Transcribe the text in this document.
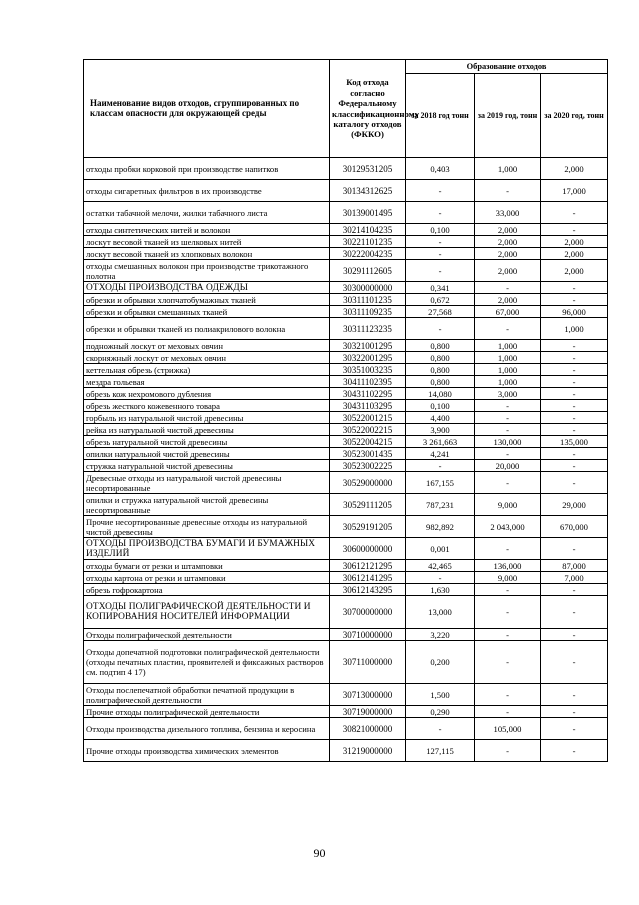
Наименование видов отходов, сгруппированных по классам опасности для окружающей среды	Код отхода согласно Федеральному классификационному каталогу отходов (ФККО)	Образование отходов		
		за 2018 год тонн	за 2019 год, тонн	за 2020 год, тонн
отходы пробки корковой при производстве напитков	30129531205	0,403	1,000	2,000
отходы сигаретных фильтров в их производстве	30134312625	-	-	17,000
остатки табачной мелочи, жилки табачного листа	30139001495	-	33,000	-
отходы синтетических нитей и волокон	30214104235	0,100	2,000	-
лоскут весовой тканей из шелковых нитей	30221101235	-	2,000	2,000
лоскут весовой тканей из хлопковых волокон	30222004235	-	2,000	2,000
отходы смешанных волокон при производстве трикотажного полотна	30291112605	-	2,000	2,000
ОТХОДЫ ПРОИЗВОДСТВА ОДЕЖДЫ	30300000000	0,341	-	-
обрезки и обрывки хлопчатобумажных тканей	30311101235	0,672	2,000	-
обрезки и обрывки смешанных тканей	30311109235	27,568	67,000	96,000
обрезки и обрывки тканей из полиакрилового волокна	30311123235	-	-	1,000
подножный лоскут от меховых овчин	30321001295	0,800	1,000	-
скорняжный лоскут от меховых овчин	30322001295	0,800	1,000	-
кеттельная обрезь (стрижка)	30351003235	0,800	1,000	-
мездра гольевая	30411102395	0,800	1,000	-
обрезь кож нехромового дубления	30431102295	14,080	3,000	-
обрезь жесткого кожевенного товара	30431103295	0,100	-	-
горбыль из натуральной чистой древесины	30522001215	4,400	-	-
рейка из натуральной чистой древесины	30522002215	3,900	-	-
обрезь натуральной чистой древесины	30522004215	3 261,663	130,000	135,000
опилки натуральной чистой древесины	30523001435	4,241	-	-
стружка натуральной чистой древесины	30523002225	-	20,000	-
Древесные отходы из натуральной чистой древесины несортированные	30529000000	167,155	-	-
опилки и стружка натуральной чистой древесины несортированные	30529111205	787,231	9,000	29,000
Прочие несортированные древесные отходы из натуральной чистой древесины	30529191205	982,892	2 043,000	670,000
ОТХОДЫ ПРОИЗВОДСТВА БУМАГИ И БУМАЖНЫХ ИЗДЕЛИЙ	30600000000	0,001	-	-
отходы бумаги от резки и штамповки	30612121295	42,465	136,000	87,000
отходы картона от резки и штамповки	30612141295	-	9,000	7,000
обрезь гофрокартона	30612143295	1,630	-	-
ОТХОДЫ ПОЛИГРАФИЧЕСКОЙ ДЕЯТЕЛЬНОСТИ И КОПИРОВАНИЯ НОСИТЕЛЕЙ ИНФОРМАЦИИ	30700000000	13,000	-	-
Отходы полиграфической деятельности	30710000000	3,220	-	-
Отходы допечатной подготовки полиграфической деятельности (отходы печатных пластин, проявителей и фиксажных растворов см. подтип 4 17)	30711000000	0,200	-	-
Отходы послепечатной обработки печатной продукции в полиграфической деятельности	30713000000	1,500	-	-
Прочие отходы полиграфической деятельности	30719000000	0,290	-	-
Отходы производства дизельного топлива, бензина и керосина	30821000000	-	105,000	-
Прочие отходы производства химических элементов	31219000000	127,115	-	-
90
